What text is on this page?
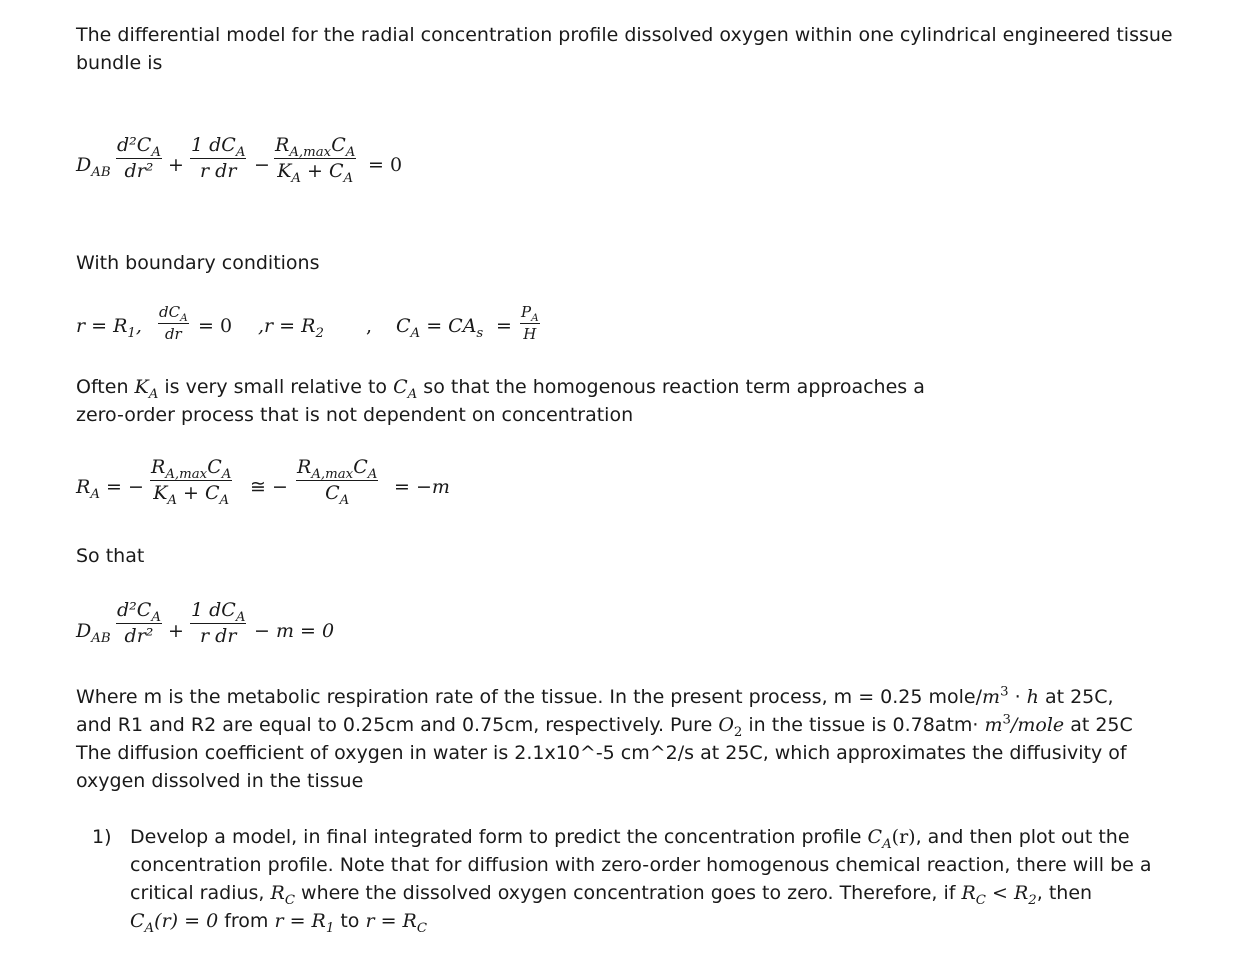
The differential model for the radial concentration profile dissolved oxygen within one cylindrical engineered tissue
bundle is
$D_{AB} \frac{d^2C_A}{\text{dr²}}$ +
1 $dC_A$
r dr −
$R_{A,max}C_A$
$K_A + C_A$
= 0
With boundary conditions
$r = R_1$,
$dC_A$
dr = 0 $,r = R_2$ , $C_A = CA_s = \frac{P_A}{H}$
Often $K_A$ is very small relative to $C_A$ so that the homogenous reaction term approaches a
zero-order process that is not dependent on concentration
$R_A$ = −
$R_{A,max}C_A$
$K_A + C_A$
≅ −
$R_{A,max}C_A$
$C_A$
= −m
So that
$D_{AB} \frac{d^2C_A}{\text{dr²}}$ +
1 $dC_A$
r dr − m = 0
Where m is the metabolic respiration rate of the tissue. In the present process, m = 0.25 mole/$m^3 \cdot h$ at 25C,
and R1 and R2 are equal to 0.25cm and 0.75cm, respectively. Pure $O_2$ in the tissue is $0.78atm\cdot m^3$/mole at 25C
The diffusion coefficient of oxygen in water is 2.1x10^-5 cm^2/s at 25C, which approximates the diffusivity of
oxygen dissolved in the tissue
1) Develop a model, in final integrated form to predict the concentration profile $C_A(r)$, and then plot out the
concentration profile. Note that for diffusion with zero-order homogenous chemical reaction, there will be a
critical radius, $R_C$ where the dissolved oxygen concentration goes to zero. Therefore, if $R_C < R_2$, then
$C_A(r) = 0$ from $r = R_1$ to $r = R_C$
